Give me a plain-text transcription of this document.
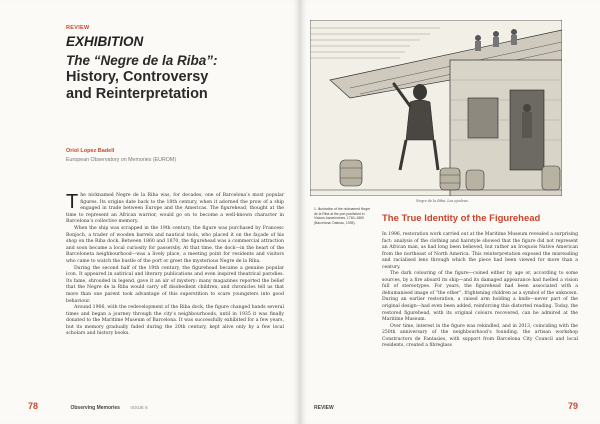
REVIEW
EXHIBITION
The “Negre de la Riba”:
History, Controversy
and Reinterpretation
Oriol Lopez Badell
European Observatory on Memories (EUROM)

The nicknamed Negre de la Riba was, for decades, one of Barcelona’s most popular figures. Its origins date back to the 18th century, when it adorned the prow of a ship engaged in trade between Europe and the Americas. The figurehead, thought at the time to represent an African warrior, would go on to become a well-known character in Barcelona’s collective memory.

When the ship was scrapped in the 19th century, the figure was purchased by Francesc Bonjoch, a trader of wooden barrels and nautical tools, who placed it on the façade of his shop on the Riba dock. Between 1860 and 1870, the figurehead was a commercial attraction and soon became a local curiosity for passersby. At that time, the dock—in the heart of the Barceloneta neighbourhood—was a lively place, a meeting point for residents and visitors who came to watch the bustle of the port or greet the mysterious Negre de la Riba.

During the second half of the 19th century, the figurehead became a genuine popular icon. It appeared in satirical and literary publications and even inspired theatrical parodies. Its fame, shrouded in legend, gave it an air of mystery: many magazines reported the belief that the Negre de la Riba would carry off disobedient children, and chronicles tell us that more than one parent took advantage of this superstition to scare youngsters into good behaviour.

Around 1906, with the redevelopment of the Riba dock, the figure changed hands several times and began a journey through the city’s neighbourhoods, until in 1935 it was finally donated to the Maritime Museum of Barcelona. It was successfully exhibited for a few years, but its memory gradually faded during the 20th century, kept alive only by a few local scholars and history books.

78	Observing Memories ISSUE 6
Negre de la Riba. Les ejudeus.
1. Illustration of the nicknamed Negre de la Riba at the port published in Visions barcelonines, 1760–1860 (Barcelona: Dalmau, 1935).	The True Identity of the Figurehead

In 1996, restoration work carried out at the Maritime Museum revealed a surprising fact: analysis of the clothing and hairstyle showed that the figure did not represent an African man, as had long been believed, but rather an Iroquois Native American from the northeast of North America. This reinterpretation exposed the misreading and racialised lens through which the piece had been viewed for more than a century.

The dark colouring of the figure—coined either by age or, according to some sources, by a fire aboard its ship—and its damaged appearance had fuelled a vision full of stereotypes. For years, the figurehead had been associated with a dehumanised image of “the other”, frightening children as a symbol of the unknown. During an earlier restoration, a raised arm holding a knife—never part of the original design—had even been added, reinforcing this distorted reading. Today, the restored figurehead, with its original colours recovered, can be admired at the Maritime Museum.

Over time, interest in the figure was rekindled, and in 2013, coinciding with the 250th anniversary of the neighbourhood’s founding, the artisan workshop Constructors de Fantasies, with support from Barcelona City Council and local residents, created a fibreglass

REVIEW	79
